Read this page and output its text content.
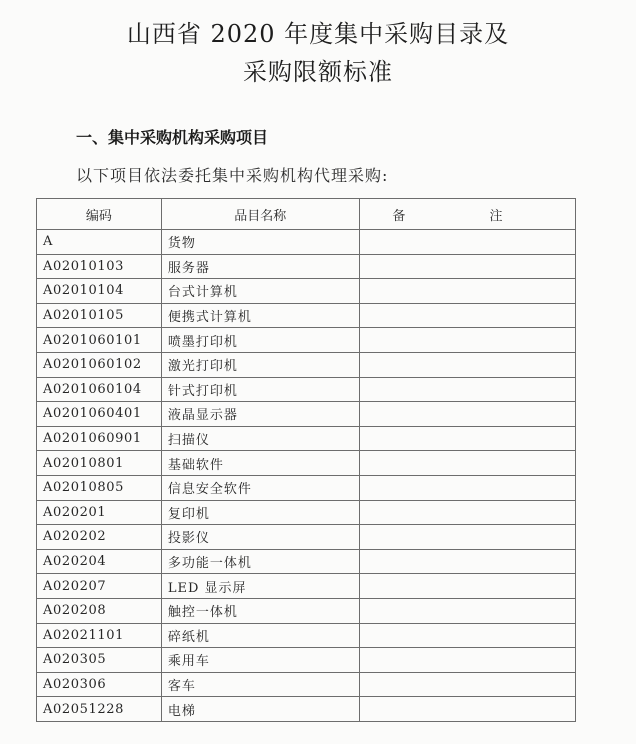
山西省 2020 年度集中采购目录及
采购限额标准
一、集中采购机构采购项目
以下项目依法委托集中采购机构代理采购:
编码	品目名称	备 注
A	货物	
A02010103	服务器	
A02010104	台式计算机	
A02010105	便携式计算机	
A0201060101	喷墨打印机	
A0201060102	激光打印机	
A0201060104	针式打印机	
A0201060401	液晶显示器	
A0201060901	扫描仪	
A02010801	基础软件	
A02010805	信息安全软件	
A020201	复印机	
A020202	投影仪	
A020204	多功能一体机	
A020207	LED 显示屏	
A020208	触控一体机	
A02021101	碎纸机	
A020305	乘用车	
A020306	客车	
A02051228	电梯	
